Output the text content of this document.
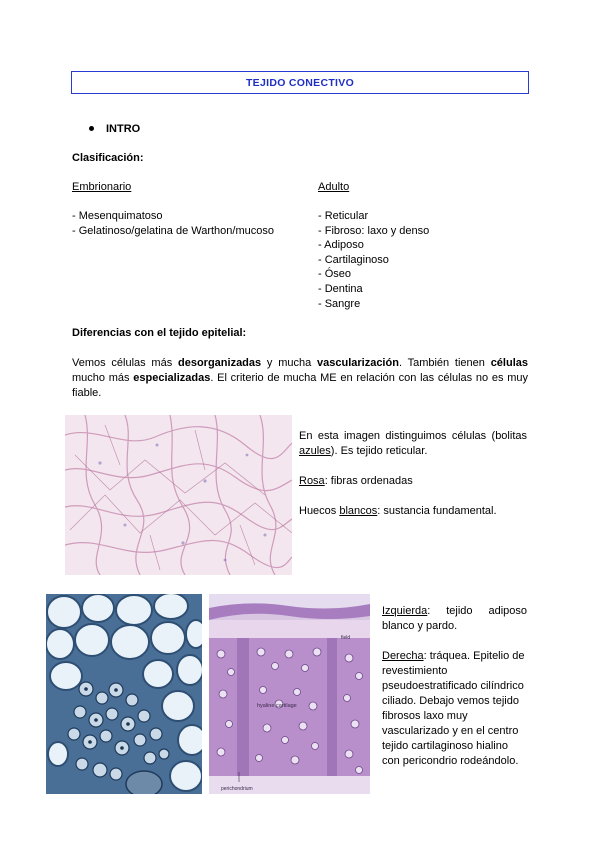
TEJIDO CONECTIVO
INTRO
Clasificación:
Embrionario
- Mesenquimatoso
- Gelatinoso/gelatina de Warthon/mucoso
Adulto
- Reticular
- Fibroso: laxo y denso
- Adiposo
- Cartilaginoso
- Óseo
- Dentina
- Sangre
Diferencias con el tejido epitelial:
Vemos células más desorganizadas y mucha vascularización. También tienen células mucho más especializadas. El criterio de mucha ME en relación con las células no es muy fiable.

En esta imagen distinguimos células (bolitas azules). Es tejido reticular.

Rosa: fibras ordenadas

Huecos blancos: sustancia fundamental.

field
hyaline cartilage
perichondrium

Izquierda: tejido adiposo blanco y pardo.

Derecha: tráquea. Epitelio de revestimiento pseudoestratificado cilíndrico ciliado. Debajo vemos tejido fibrosos laxo muy vascularizado y en el centro tejido cartilaginoso hialino con pericondrio rodeándolo.
